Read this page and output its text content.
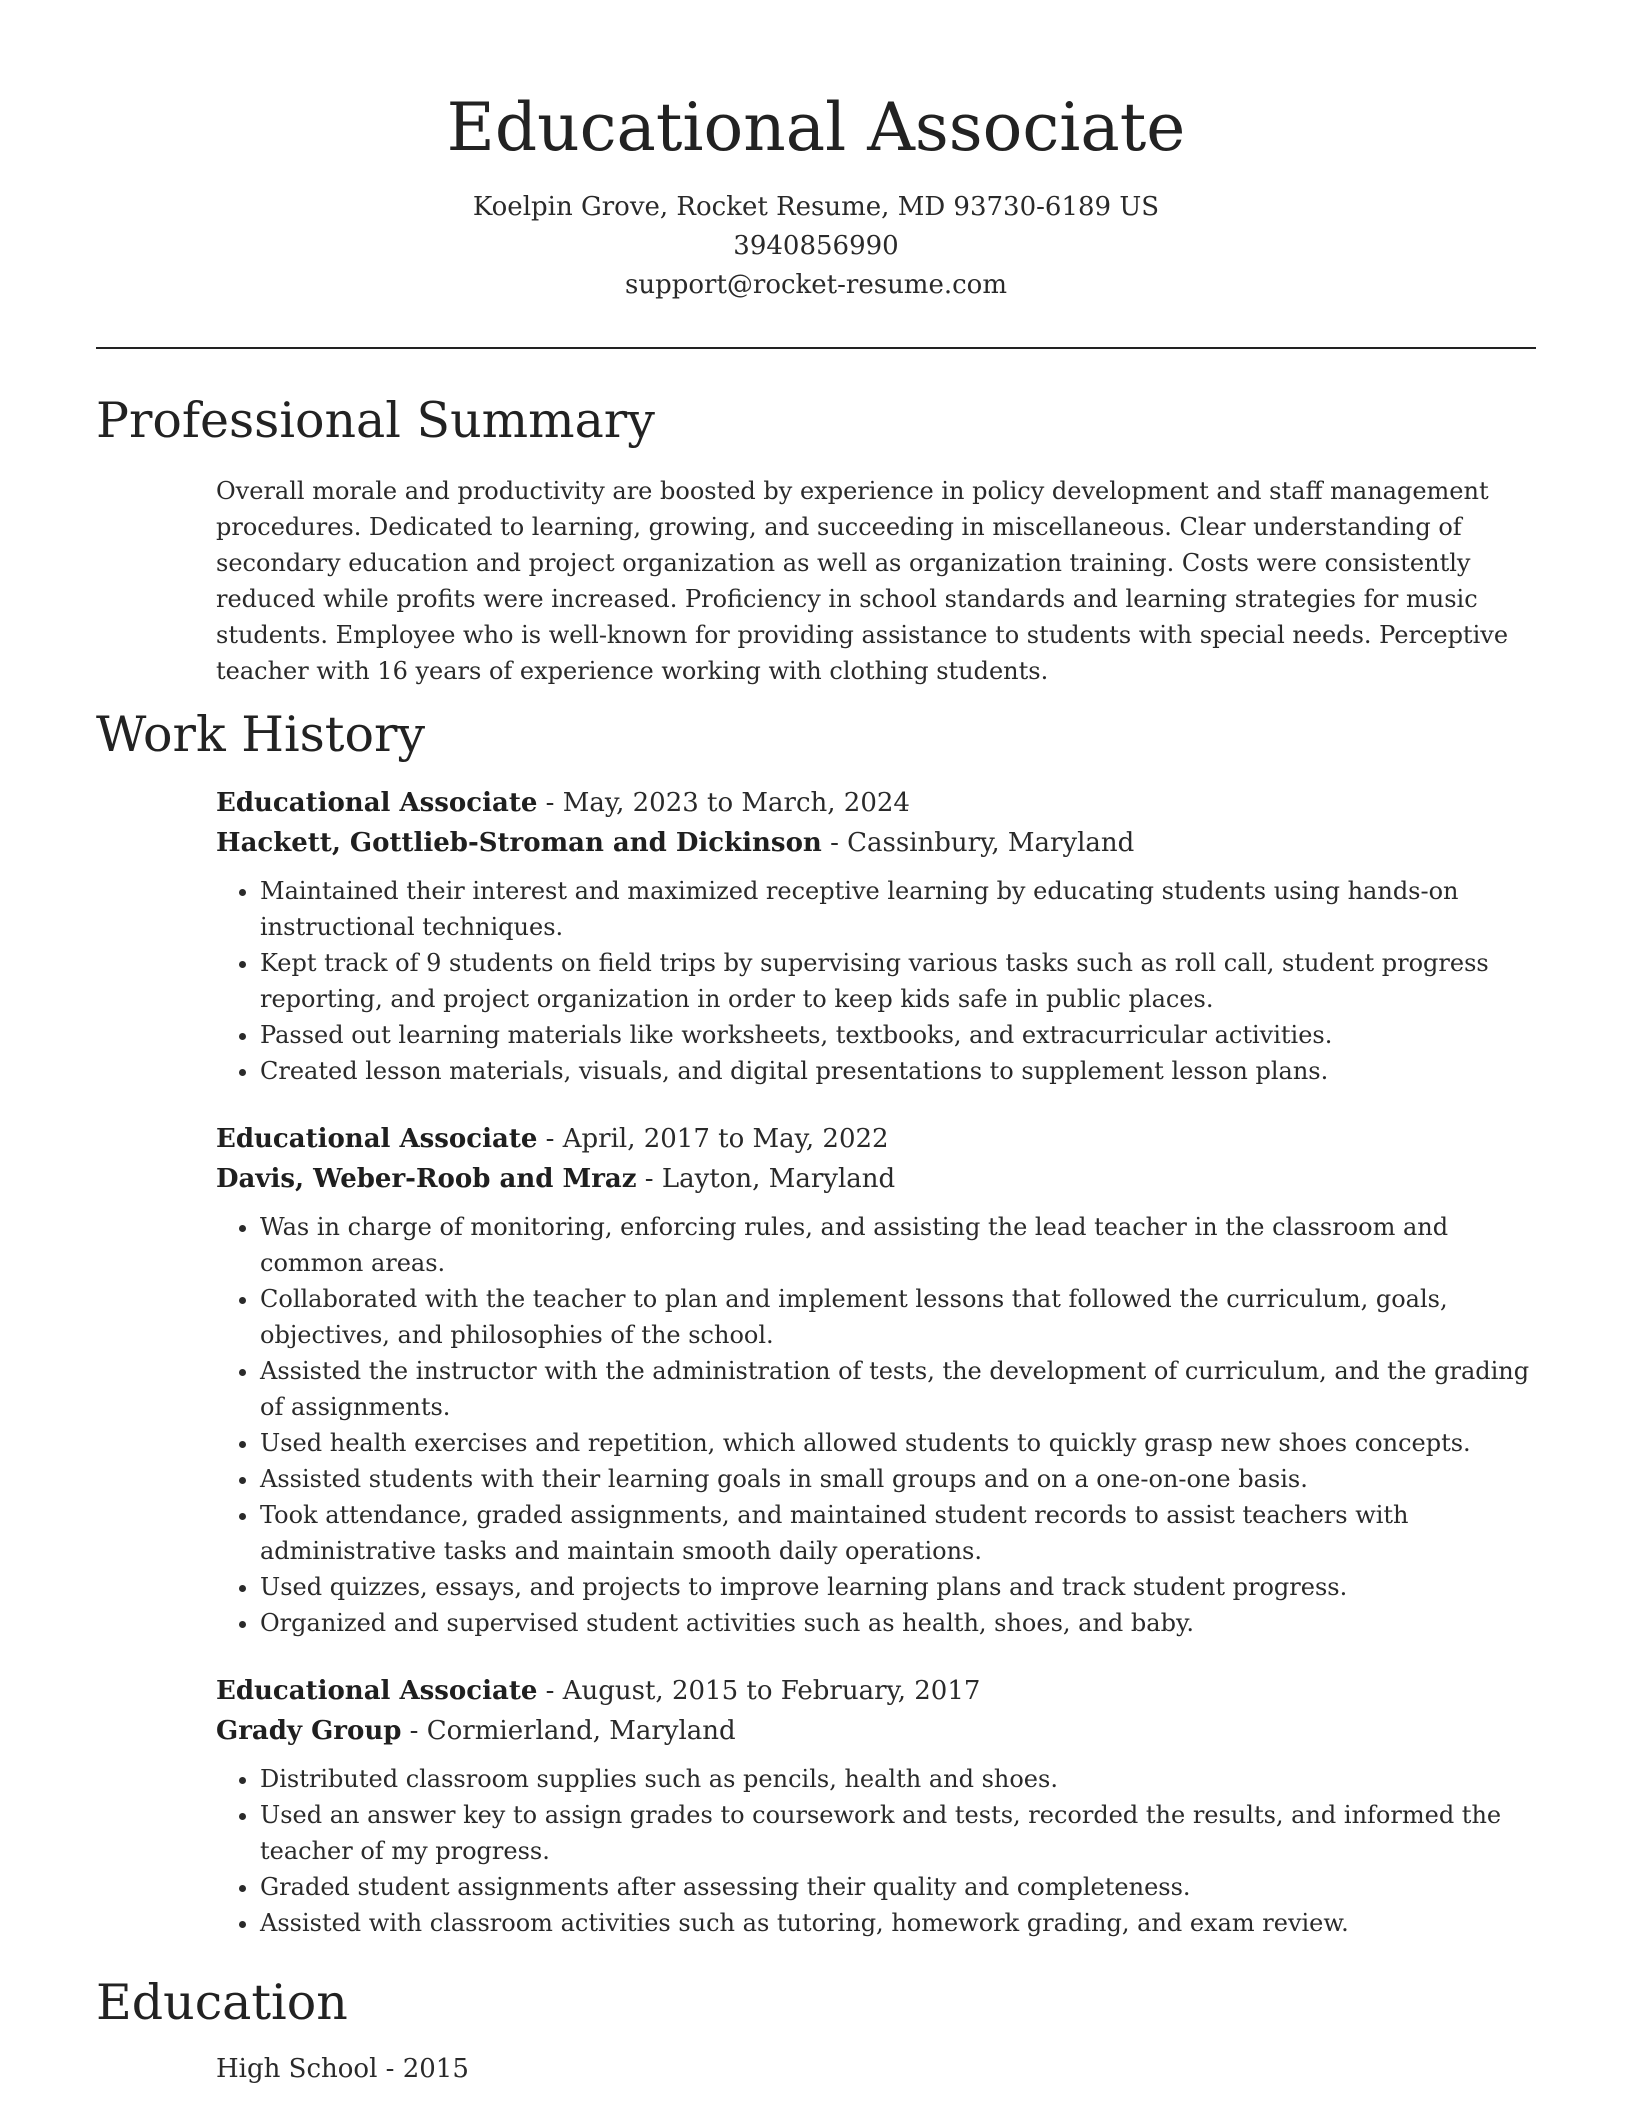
Educational Associate
Koelpin Grove, Rocket Resume, MD 93730-6189 US
3940856990
support@rocket-resume.com
Professional Summary

Overall morale and productivity are boosted by experience in policy development and staff management procedures. Dedicated to learning, growing, and succeeding in miscellaneous. Clear understanding of secondary education and project organization as well as organization training. Costs were consistently reduced while profits were increased. Proficiency in school standards and learning strategies for music students. Employee who is well-known for providing assistance to students with special needs. Perceptive teacher with 16 years of experience working with clothing students.

Work History
Educational Associate - May, 2023 to March, 2024
Hackett, Gottlieb-Stroman and Dickinson - Cassinbury, Maryland
• Maintained their interest and maximized receptive learning by educating students using hands-on instructional techniques.
• Kept track of 9 students on field trips by supervising various tasks such as roll call, student progress reporting, and project organization in order to keep kids safe in public places.
• Passed out learning materials like worksheets, textbooks, and extracurricular activities.
• Created lesson materials, visuals, and digital presentations to supplement lesson plans.
Educational Associate - April, 2017 to May, 2022
Davis, Weber-Roob and Mraz - Layton, Maryland
• Was in charge of monitoring, enforcing rules, and assisting the lead teacher in the classroom and common areas.
• Collaborated with the teacher to plan and implement lessons that followed the curriculum, goals, objectives, and philosophies of the school.
• Assisted the instructor with the administration of tests, the development of curriculum, and the grading of assignments.
• Used health exercises and repetition, which allowed students to quickly grasp new shoes concepts.
• Assisted students with their learning goals in small groups and on a one-on-one basis.
• Took attendance, graded assignments, and maintained student records to assist teachers with administrative tasks and maintain smooth daily operations.
• Used quizzes, essays, and projects to improve learning plans and track student progress.
• Organized and supervised student activities such as health, shoes, and baby.
Educational Associate - August, 2015 to February, 2017
Grady Group - Cormierland, Maryland
• Distributed classroom supplies such as pencils, health and shoes.
• Used an answer key to assign grades to coursework and tests, recorded the results, and informed the teacher of my progress.
• Graded student assignments after assessing their quality and completeness.
• Assisted with classroom activities such as tutoring, homework grading, and exam review.
Education
High School - 2015
